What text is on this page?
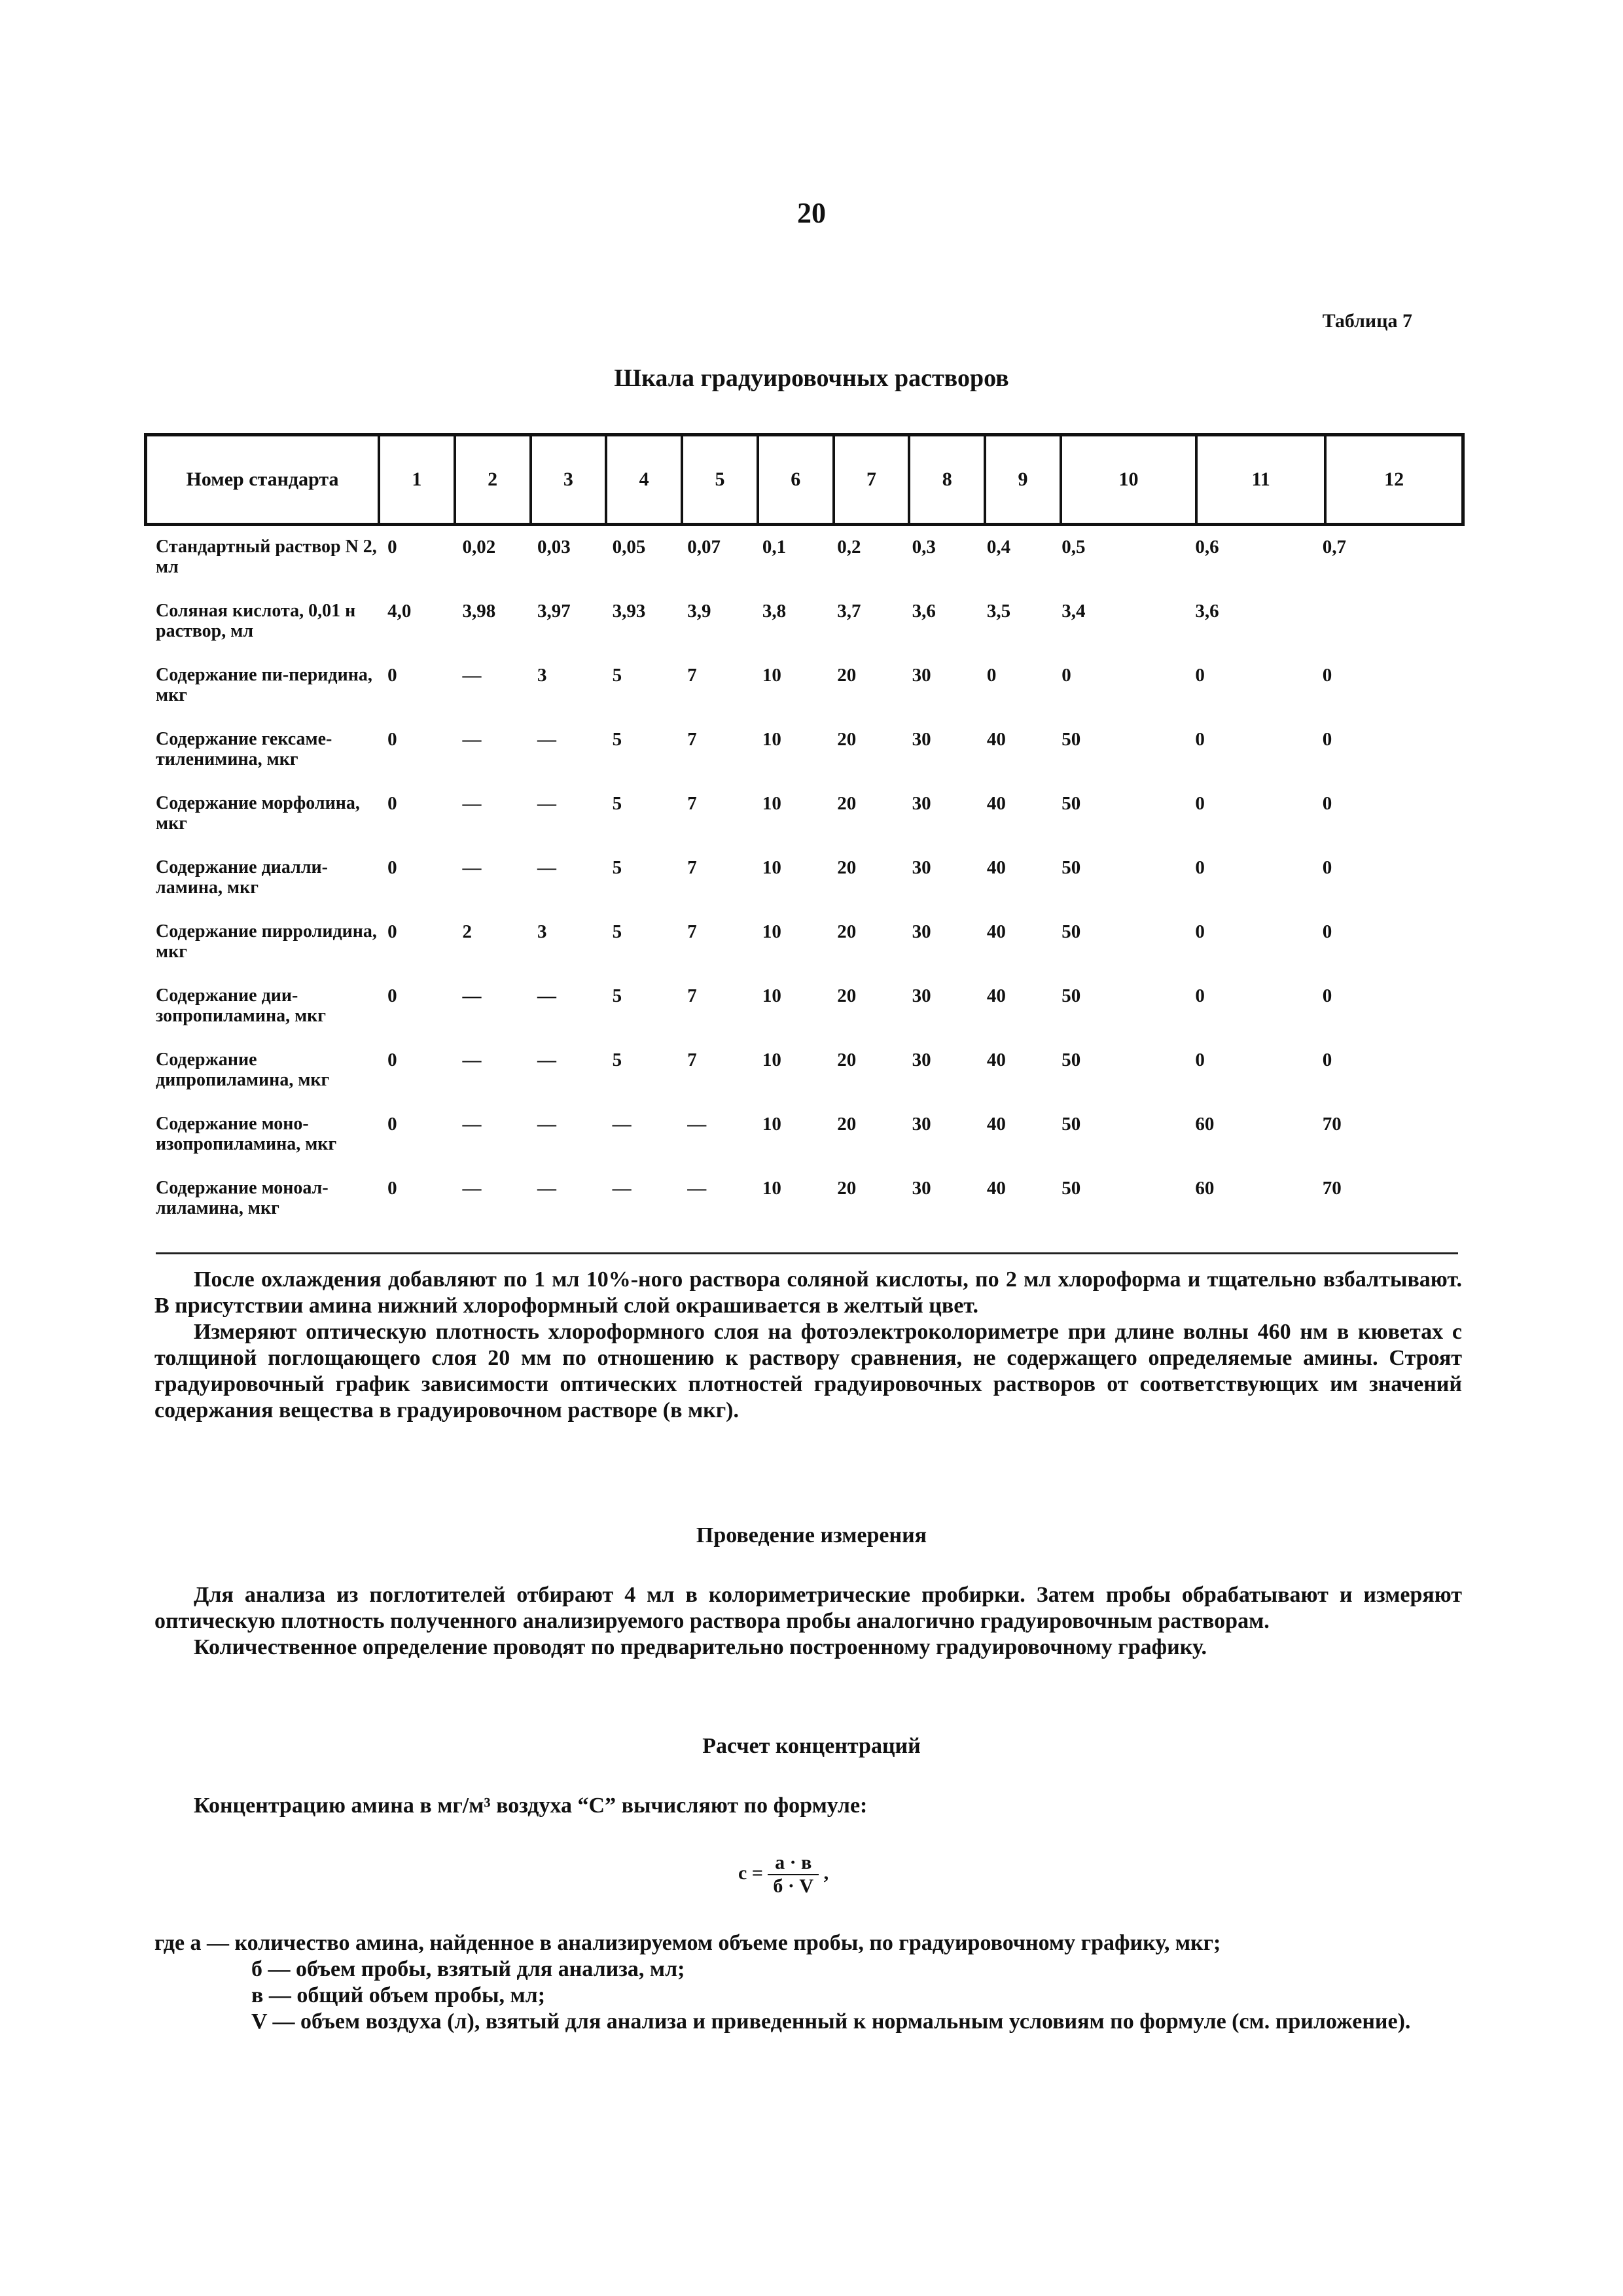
20
Таблица 7
Шкала градуировочных растворов
Номер стандарта	1	2	3	4	5	6	7	8	9	10	11	12
Стандартный раствор N 2, мл	0	0,02	0,03	0,05	0,07	0,1	0,2	0,3	0,4	0,5	0,6	0,7
Соляная кислота, 0,01 н раствор, мл	4,0	3,98	3,97	3,93	3,9	3,8	3,7	3,6	3,5	3,4	3,6	
Содержание пи-перидина, мкг	0	—	3	5	7	10	20	30	0	0	0	0
Содержание гексаме-тиленимина, мкг	0	—	—	5	7	10	20	30	40	50	0	0
Содержание морфолина, мкг	0	—	—	5	7	10	20	30	40	50	0	0
Содержание диалли-ламина, мкг	0	—	—	5	7	10	20	30	40	50	0	0
Содержание пирролидина, мкг	0	2	3	5	7	10	20	30	40	50	0	0
Содержание дии-зопропиламина, мкг	0	—	—	5	7	10	20	30	40	50	0	0
Содержание дипропиламина, мкг	0	—	—	5	7	10	20	30	40	50	0	0
Содержание моно-изопропиламина, мкг	0	—	—	—	—	10	20	30	40	50	60	70
Содержание моноал-лиламина, мкг	0	—	—	—	—	10	20	30	40	50	60	70

После охлаждения добавляют по 1 мл 10%-ного раствора соляной кислоты, по 2 мл хлороформа и тщательно взбалтывают. В присутствии амина нижний хлороформный слой окрашивается в желтый цвет.

Измеряют оптическую плотность хлороформного слоя на фотоэлектроколориметре при длине волны 460 нм в кюветах с толщиной поглощающего слоя 20 мм по отношению к раствору сравнения, не содержащего определяемые амины. Строят градуировочный график зависимости оптических плотностей градуировочных растворов от соответствующих им значений содержания вещества в градуировочном растворе (в мкг).

Проведение измерения

Для анализа из поглотителей отбирают 4 мл в колориметрические пробирки. Затем пробы обрабатывают и измеряют оптическую плотность полученного анализируемого раствора пробы аналогично градуировочным растворам.

Количественное определение проводят по предварительно построенному градуировочному графику.

Расчет концентраций

Концентрацию амина в мг/м³ воздуха “С” вычисляют по формуле:

$с = \frac{а \cdot в}{б \cdot V}$ ,

где а — количество амина, найденное в анализируемом объеме пробы, по градуировочному графику, мкг;

б — объем пробы, взятый для анализа, мл;

в — общий объем пробы, мл;

V — объем воздуха (л), взятый для анализа и приведенный к нормальным условиям по формуле (см. приложение).
